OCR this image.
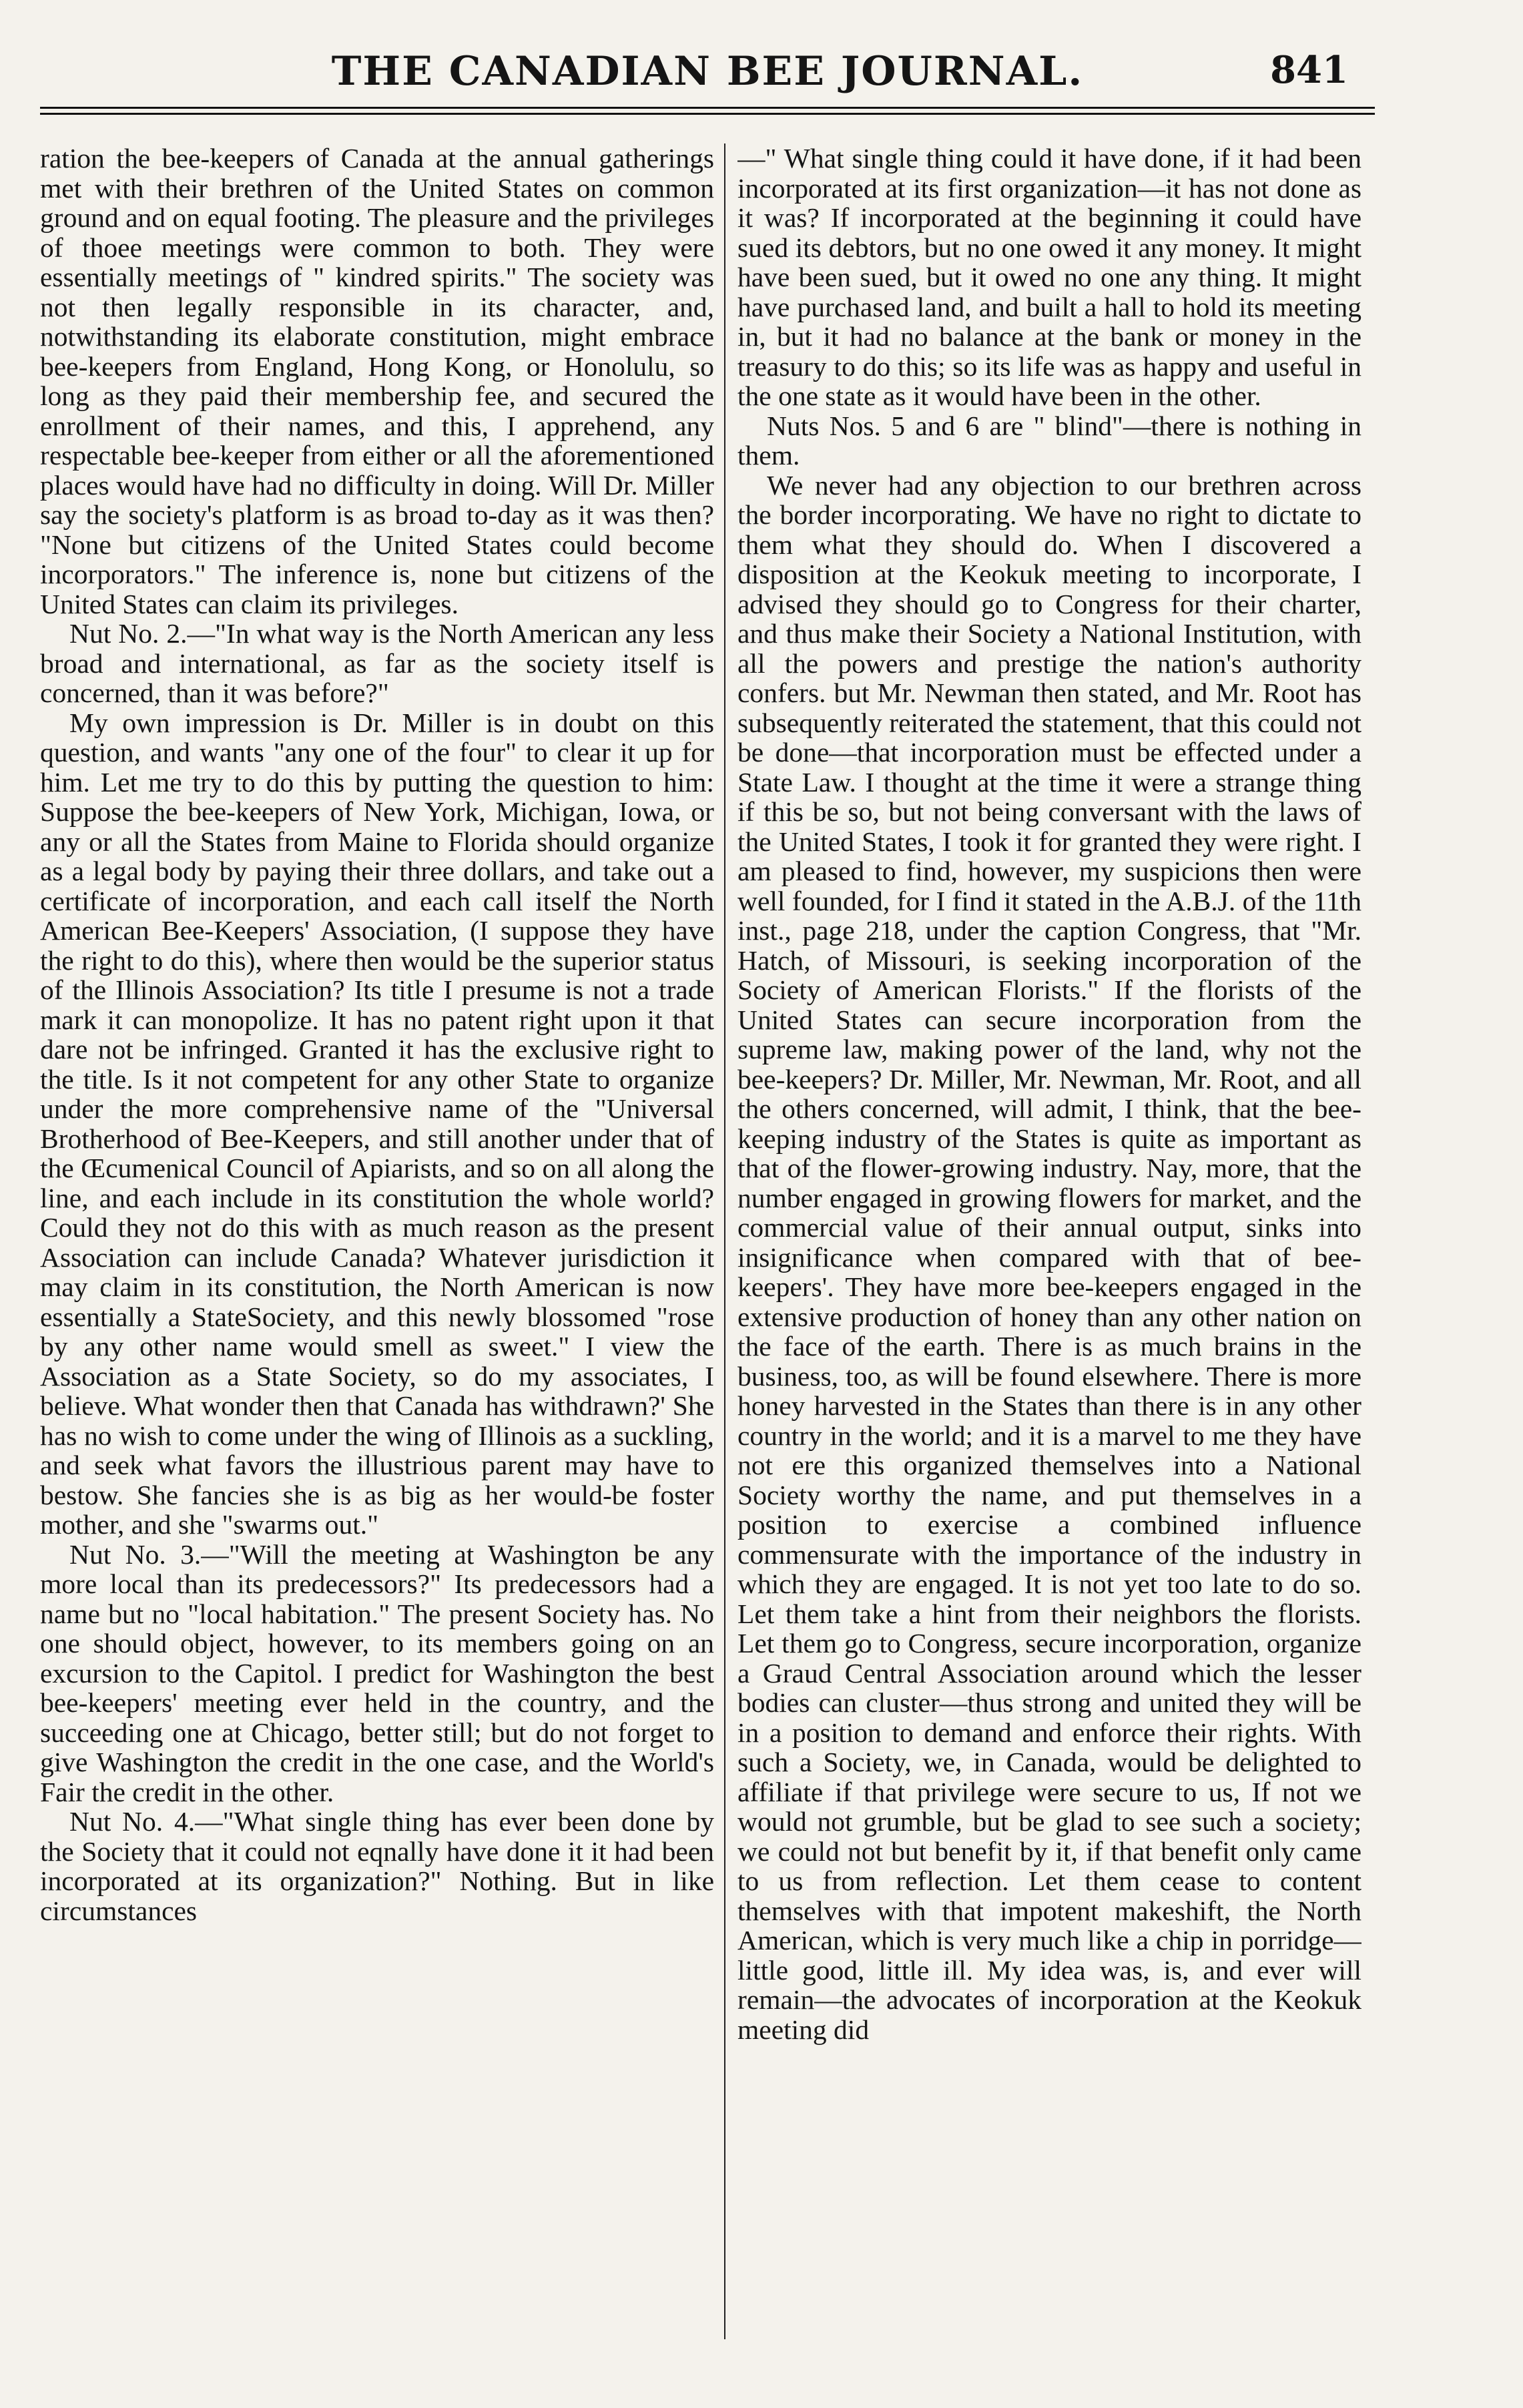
THE CANADIAN BEE JOURNAL.	841

ration the bee-keepers of Canada at the annual gatherings met with their brethren of the United States on common ground and on equal footing. The pleasure and the privileges of thoee meetings were common to both. They were essentially meetings of " kindred spirits." The society was not then legally responsible in its character, and, notwithstanding its elaborate constitution, might embrace bee-keepers from England, Hong Kong, or Honolulu, so long as they paid their membership fee, and secured the enrollment of their names, and this, I apprehend, any respectable bee-keeper from either or all the aforementioned places would have had no difficulty in doing. Will Dr. Miller say the society's platform is as broad to-day as it was then? "None but citizens of the United States could become incorporators." The inference is, none but citizens of the United States can claim its privileges.

Nut No. 2.—"In what way is the North American any less broad and international, as far as the society itself is concerned, than it was before?"

My own impression is Dr. Miller is in doubt on this question, and wants "any one of the four" to clear it up for him. Let me try to do this by putting the question to him: Suppose the bee-keepers of New York, Michigan, Iowa, or any or all the States from Maine to Florida should organize as a legal body by paying their three dollars, and take out a certificate of incorporation, and each call itself the North American Bee-Keepers' Association, (I suppose they have the right to do this), where then would be the superior status of the Illinois Association? Its title I presume is not a trade mark it can monopolize. It has no patent right upon it that dare not be infringed. Granted it has the exclusive right to the title. Is it not competent for any other State to organize under the more comprehensive name of the "Universal Brotherhood of Bee-Keepers, and still another under that of the Œcumenical Council of Apiarists, and so on all along the line, and each include in its constitution the whole world? Could they not do this with as much reason as the present Association can include Canada? Whatever jurisdiction it may claim in its constitution, the North American is now essentially a StateSociety, and this newly blossomed "rose by any other name would smell as sweet." I view the Association as a State Society, so do my associates, I believe. What wonder then that Canada has withdrawn?' She has no wish to come under the wing of Illinois as a suckling, and seek what favors the illustrious parent may have to bestow. She fancies she is as big as her would-be foster mother, and she "swarms out."

Nut No. 3.—"Will the meeting at Washington be any more local than its predecessors?" Its predecessors had a name but no "local habitation." The present Society has. No one should object, however, to its members going on an excursion to the Capitol. I predict for Washington the best bee-keepers' meeting ever held in the country, and the succeeding one at Chicago, better still; but do not forget to give Washington the credit in the one case, and the World's Fair the credit in the other.

Nut No. 4.—"What single thing has ever been done by the Society that it could not eqnally have done it it had been incorporated at its organization?" Nothing. But in like circumstances

—" What single thing could it have done, if it had been incorporated at its first organization—it has not done as it was? If incorporated at the beginning it could have sued its debtors, but no one owed it any money. It might have been sued, but it owed no one any thing. It might have purchased land, and built a hall to hold its meeting in, but it had no balance at the bank or money in the treasury to do this; so its life was as happy and useful in the one state as it would have been in the other.

Nuts Nos. 5 and 6 are " blind"—there is nothing in them.

We never had any objection to our brethren across the border incorporating. We have no right to dictate to them what they should do. When I discovered a disposition at the Keokuk meeting to incorporate, I advised they should go to Congress for their charter, and thus make their Society a National Institution, with all the powers and prestige the nation's authority confers. but Mr. Newman then stated, and Mr. Root has subsequently reiterated the statement, that this could not be done—that incorporation must be effected under a State Law. I thought at the time it were a strange thing if this be so, but not being conversant with the laws of the United States, I took it for granted they were right. I am pleased to find, however, my suspicions then were well founded, for I find it stated in the A.B.J. of the 11th inst., page 218, under the caption Congress, that "Mr. Hatch, of Missouri, is seeking incorporation of the Society of American Florists." If the florists of the United States can secure incorporation from the supreme law, making power of the land, why not the bee-keepers? Dr. Miller, Mr. Newman, Mr. Root, and all the others concerned, will admit, I think, that the bee-keeping industry of the States is quite as important as that of the flower-growing industry. Nay, more, that the number engaged in growing flowers for market, and the commercial value of their annual output, sinks into insignificance when compared with that of bee-keepers'. They have more bee-keepers engaged in the extensive production of honey than any other nation on the face of the earth. There is as much brains in the business, too, as will be found elsewhere. There is more honey harvested in the States than there is in any other country in the world; and it is a marvel to me they have not ere this organized themselves into a National Society worthy the name, and put themselves in a position to exercise a combined influence commensurate with the importance of the industry in which they are engaged. It is not yet too late to do so. Let them take a hint from their neighbors the florists. Let them go to Congress, secure incorporation, organize a Graud Central Association around which the lesser bodies can cluster—thus strong and united they will be in a position to demand and enforce their rights. With such a Society, we, in Canada, would be delighted to affiliate if that privilege were secure to us, If not we would not grumble, but be glad to see such a society; we could not but benefit by it, if that benefit only came to us from reflection. Let them cease to content themselves with that impotent makeshift, the North American, which is very much like a chip in porridge—little good, little ill. My idea was, is, and ever will remain—the advocates of incorporation at the Keokuk meeting did
